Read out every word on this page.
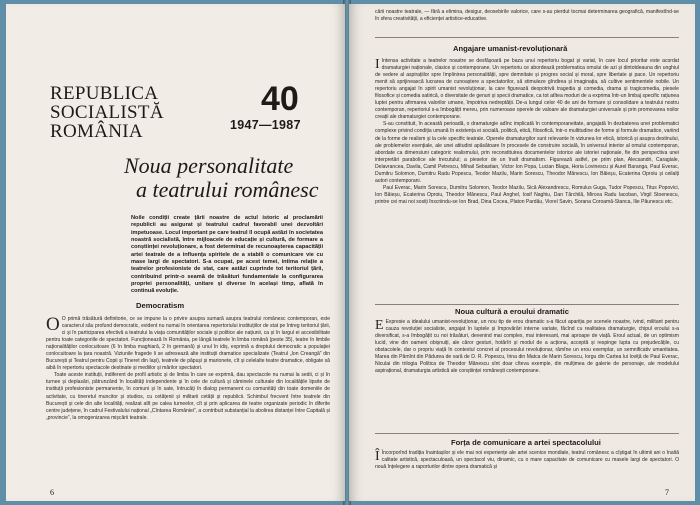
REPUBLICA
SOCIALISTĂ
ROMÂNIA
40
1947—1987
Noua personalitate
a teatrului românesc

Noile condiții create țării noastre de actul istoric al proclamării republicii au asigurat și teatrului cadrul favorabil unei dezvoltări impetuoase. Locul important pe care teatrul îl ocupă astăzi în societatea noastră socialistă, între mijloacele de educație și cultură, de formare a conștiinței revoluționare, a fost determinat de recunoașterea capacității artei teatrale de a influența spiritele de a stabili o comunicare vie cu mase largi de spectatori. S-a ocupat, pe acest temei, intima relație a teatrelor profesioniste de stat, care astăzi cuprinde tot teritoriul țării, contribuind printr-o seamă de trăsături fundamentale la configurarea propriei personalități, unitare și diverse în același timp, aflată în continuă evoluție.

Democratism

O O primă trăsătură definitorie, ce se impune la o privire asupra sumară asupra teatrului românesc contemporan, este caracterul său profund democratic, evident nu numai în orientarea repertoriului instituțiilor de stat pe întreg teritoriul țării, ci și în participarea efectivă a teatrului la viața comunităților sociale și politice ale națiunii, ca și în largul ei accesibilitate pentru toate categoriile de spectatori. Funcționează în România, pe lângă teatrele în limba română (peste 35), teatre în limbile naționalităților conlocuitoare (6 în limba maghiară, 2 în germană) și unul în idiș, exprimă a dreptului democratic a populației conlocuitoare la țara noastră. Viziunile fragede li se adresează alte instituții dramatice specializate (Teatrul „Ion Creangă” din București și Teatrul pentru Copii și Tineret din Iași), teatrele de păpuși și marionete, cît și celelalte teatre dramatice, obligate să aibă în repertoriu spectacole destinate și mediilor și mărilor spectatori.

Toate aceste instituții, indiferent de profil artistic și de limba în care se exprimă, dau spectacole nu numai la sedii, ci și în turnee și deplasări, pătrunzând în localități independente și în cele de cultură și căminele culturale din localitățile lipsite de instituții profesioniste permanente, în comuni și în sate, întrucâți în dialog permanent cu comunități din toate domeniile de activitate, cu tineretul muncitor și studios, cu cetățenii și militarii cetății și republicii. Schimbul frecvent între teatrele din București și cele din alte localități, realizat atît pe calea turneelor, cît și prin aplicarea de teatre organizate periodic în diferite centre județene, în cadrul Festivalului național „Cîntarea României”, a contribuit substanțial la abolirea distanței între Capitală și „provincie”, la omogenizarea mișcării teatrale.

6

cării noastre teatrale, — fără a elimina, desigur, deosebirile valorice, care s-au pierdut tocmai determinarea geografică, manifestînd-se în sfera creativității, a eficienței artistice-educative.

Angajare umanist-revoluționară

I Intensa activitate a teatrelor noastre se desfășoară pe baza unui repertoriu bogat și variat, în care locul prioritar este acordat dramaturgiei naționale, clasice și contemporane. Un repertoriu ce abordează problematica omului de azi și dintotdeauna din unghiul de vedere al aspirațiilor spre împlinirea personalității, spre demnitate și progres social și moral, spre libertate și pace. Un repertoriu menit să sprijinească lucrarea de cunoaștere a spectatorilor, să stimuleze gîndirea și imaginația, să cultive sentimentele nobile. Un repertoriu angajat în spirit umanist revoluționar, la care figurează deopotrivă tragedia și comedia, drama și tragicomedia, piesele filosofice și comedia satirică, o diversitate de genuri și specii dramatice, ca tot atîtea moduri de a exprima într-un limbaj specific rațiunea luptei pentru afirmarea valorilor umane, împotriva nedreptății. De-a lungul celor 40 de ani de formare și consolidare a teatrului nostru contemporan, repertoriul s-a îmbogățit mereu, prin numeroase operele de valoare ale dramaturgiei universale și prin promovarea noilor creații ale dramaturgiei contemporane.

S-au constituit, în această perioadă, o dramaturgie adînc implicată în contemporaneitate, angajată în dezbaterea unei problematici complexe privind condiția umană în existența ei socială, politică, etică, filosofică, într-o multitudine de forme și formule dramatice, variind de la forme de realism și la cele specific teatrale. Operele dramaturgilor sunt relevante în viziunea lor etică, istorică și asupra destinului, ale problemelor esențiale, ale unei atitudini apăsătoare în procesele de construire socială, în universul interior al omului contemporan, abordate ca dimensiuni categoric realismului, prin reconstituirea documentelor istorice ale istoriei naționale, fie din perspectiva unei interpretări parabolice ale trecutului; a pieselor de un înalt dramatism. Figurează astfel, pe prim plan, Alecsandri, Caragiale, Delavrancea, Davila, Camil Petrescu, Mihail Sebastian, Victor Ion Popa, Lucian Blaga, Horia Lovinescu și Aurel Baranga, Paul Everac, Dumitru Solomon, Dumitru Radu Popescu, Teodor Mazilu, Marin Sorescu, Theodor Mănescu, Ion Băieșu, Ecaterina Oproiu și ceilalți autori contemporani.

Paul Everac, Marin Sorescu, Dumitru Solomon, Teodor Mazilu, Sică Alexandrescu, Romulus Guga, Tudor Popescu, Titus Popovici, Ion Băieșu, Ecaterina Oproiu, Theodor Mănescu, Paul Anghel, Iosif Naghiu, Dan Tărchilă, Mircea Radu Iacoban, Virgil Stoenescu, printre cei mai noi sosiți înscriindu-se Ion Brad, Dina Cocea, Platon Pardău, Viorel Savin, Sorana Coroamă-Stanca, Ilie Păunescu etc.

Noua cultură a eroului dramatic

E Expresie a idealului umanist-revoluționar, un nou tip de erou dramatic s-a făcut apariția pe scenele noastre, ivind, militant pentru cauza revoluției socialiste, angajat în luptele și împovărări interne variate, făcînd cu realitatea dramaturgie, chipul eroului s-a diversificat, s-a îmbogățit cu noi trăsături, devenind mai complex, mai interesant, mai aproape de viață. Eroul actual, de un optimism lucid, vine din oameni obișnuiți, ale căror gesturi, hotărîri și modul de a acționa, acceptă și respinge lupta cu prejudecățile, cu obstacolele, dar o propriu viață în contextul concret al procesului revoluționar, rămîne un erou exemplar, un semnificativ umanitatea. Marea din Pămînt din Pădurea de vară de D. R. Popescu, Irina din Matca de Marin Sorescu, Iorgu din Cartea lui Ioviță de Paul Everac, Niculai din trilogia Politica de Theodor Mănescu sînt doar cîteva exemple, din mulțimea de galerie de personaje, ale modelului aspirațional, dramaturgia artistică ale conștiinței românești contemporane.

Forța de comunicare a artei spectacolului

Î Încorporînd tradiția înaintașilor și ele mai noi experiențe ale artei scenice mondiale, teatrul românesc a cîștigat în ultimii ani o înaltă calitate artistică, spectaculoasă, un spectacol viu, dinamic, cu o mare capacitate de comunicare cu masele largi de spectatori. O nouă înțelegere a raporturilor dintre opera dramatică și

7
